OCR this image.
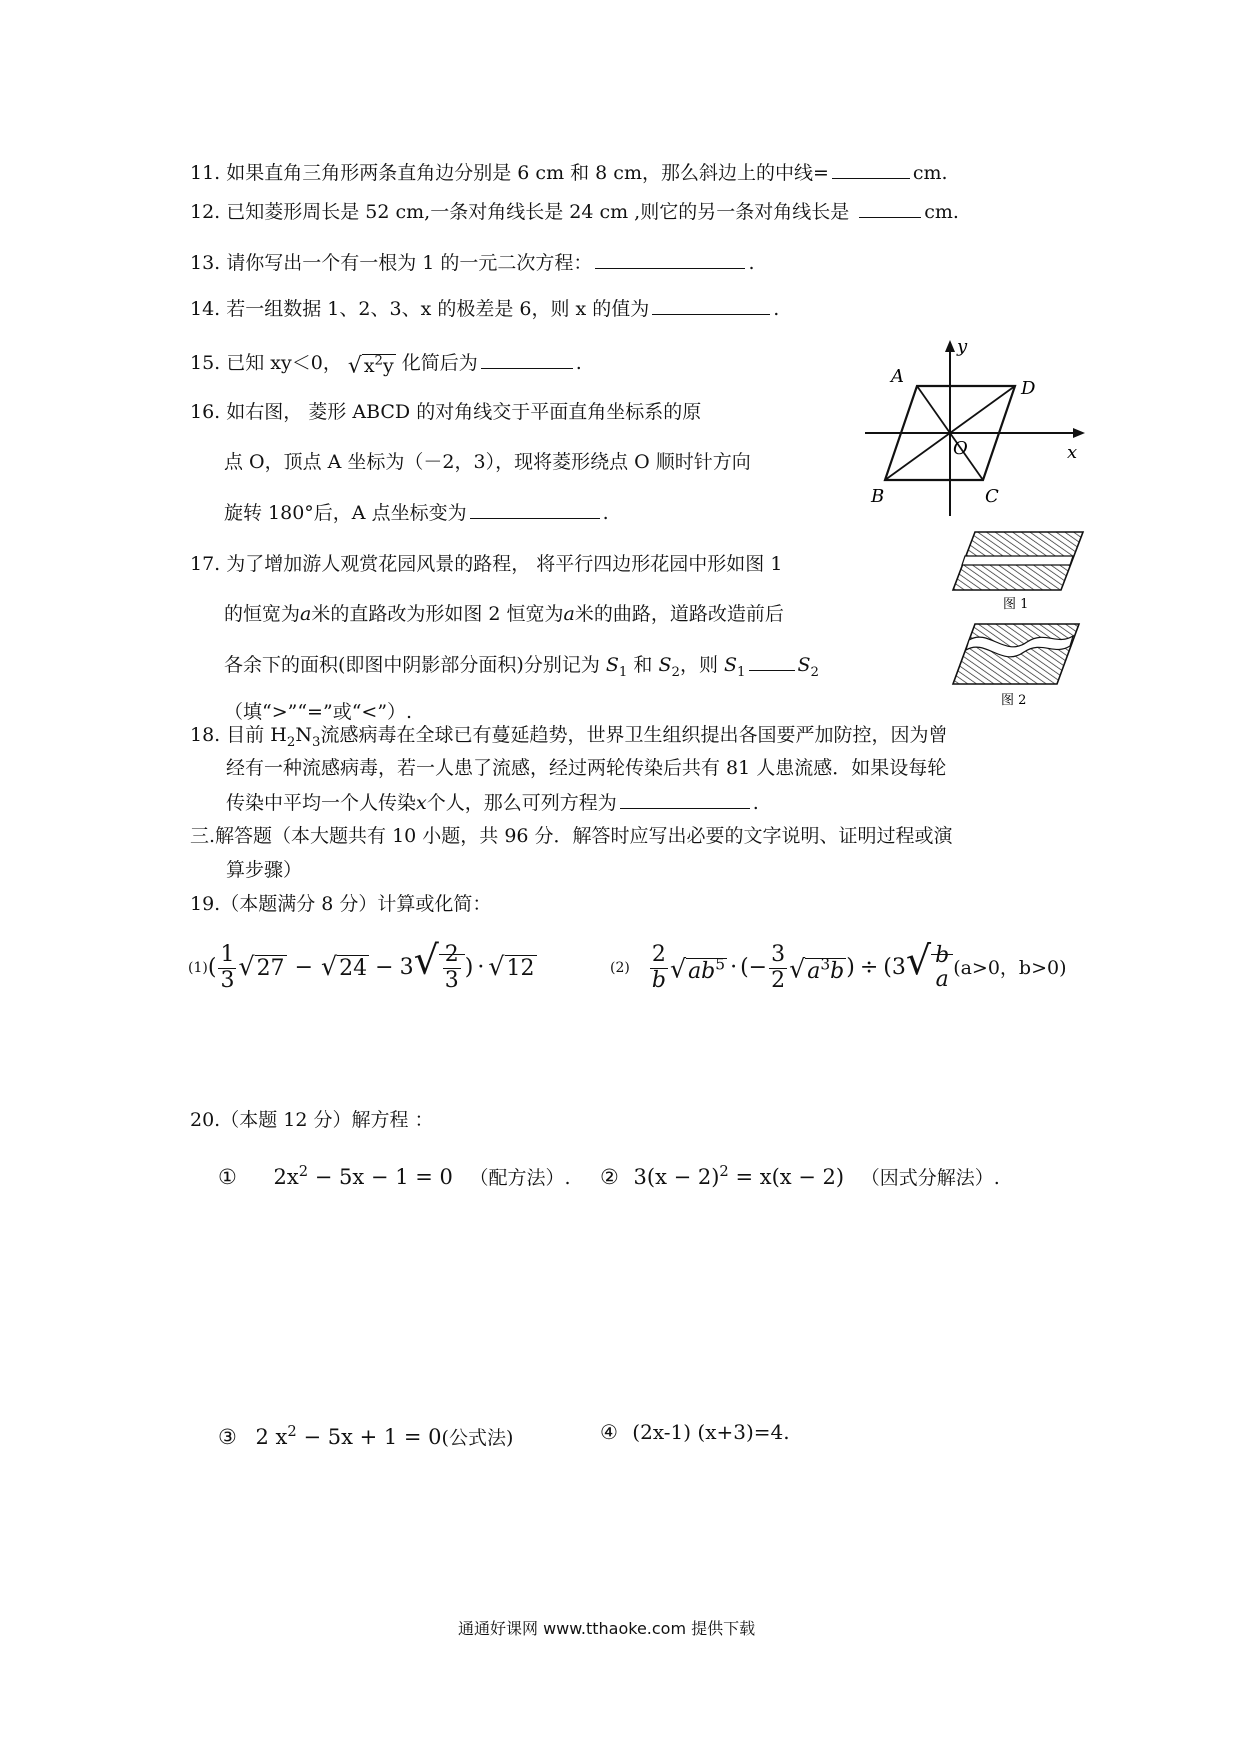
11. 如果直角三角形两条直角边分别是 6 cm 和 8 cm，那么斜边上的中线=	cm.
12. 已知菱形周长是 52 cm,一条对角线长是 24 cm ,则它的另一条对角线长是	cm.
13. 请你写出一个有一根为 1 的一元二次方程：	.
14. 若一组数据 1、2、3、x 的极差是 6，则 x 的值为	.
15. 已知 xy＜0， √ $x^2y$ 化简后为	.
16. 如右图， 菱形 ABCD 的对角线交于平面直角坐标系的原
点 O，顶点 A 坐标为（－2，3），现将菱形绕点 O 顺时针方向
旋转 180°后，A 点坐标变为	.
A
D
O
B	C
x
y
17. 为了增加游人观赏花园风景的路程， 将平行四边形花园中形如图 1
的恒宽为a米的直路改为形如图 2 恒宽为a米的曲路，道路改造前后
各余下的面积(即图中阴影部分面积)分别记为 $S_1$ 和 $S_2$，则 $S_1$	$S_2$
（填“>”“=”或“<”）.
图 1
图 2
18. 目前 $H_2N_3$流感病毒在全球已有蔓延趋势，世界卫生组织提出各国要严加防控，因为曾
经有一种流感病毒，若一人患了流感，经过两轮传染后共有 81 人患流感．如果设每轮
传染中平均一个人传染x个人，那么可列方程为	.
三.解答题（本大题共有 10 小题，共 96 分．解答时应写出必要的文字说明、证明过程或演
算步骤）
19.（本题满分 8 分）计算或化简：
(1) ( $\frac{1}{3} √27 - √24 - 3$ √ $\frac{2}{3}$ ) · √12	$(2) \frac{2}{b} √ab^5$ · (− $\frac{3}{2} √a^3b$ ) ÷ (3 √ b
a (a>0，b>0)
20.（本题 12 分）解方程 ：
① $2x^2 - 5x - 1 = 0$ （配方法）. ② $3(x - 2)^2 = x(x - 2)$ （因式分解法）.
③ 2 $x^2 - 5x + 1 = 0$(公式法)	④ (2x-1) (x+3)=4.
通通好课网 www.tthaoke.com 提供下载
